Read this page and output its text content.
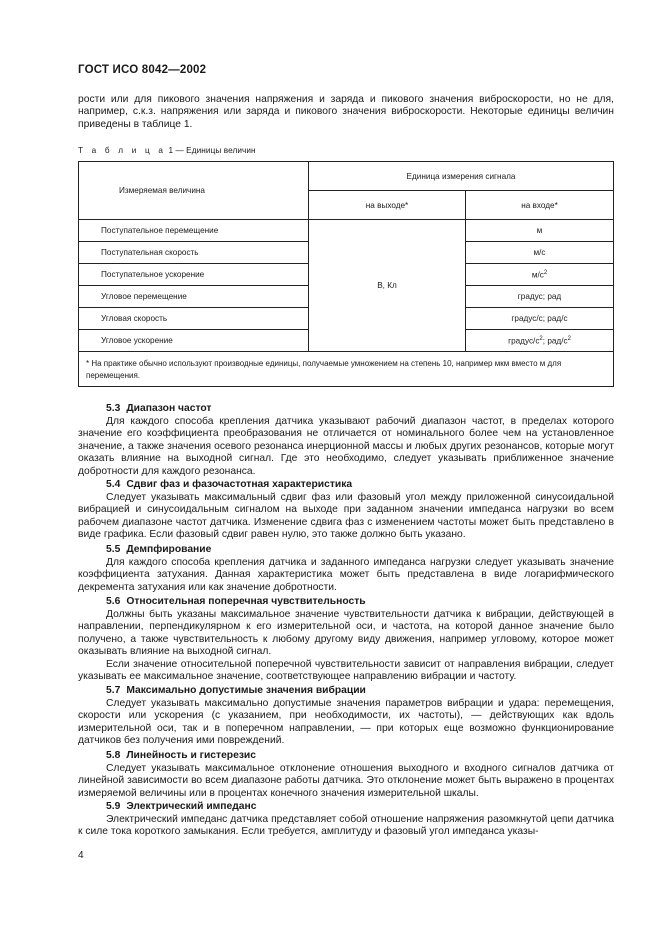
ГОСТ ИСО 8042—2002
рости или для пикового значения напряжения и заряда и пикового значения виброскорости, но не для, например, с.к.з. напряжения или заряда и пикового значения виброскорости. Некоторые единицы величин приведены в таблице 1.
Т а б л и ц а 1 — Единицы величин
Измеряемая величина	Единица измерения сигнала	
	на выходе*	на входе*
Поступательное перемещение	В, Кл	м
Поступательная скорость		м/с
Поступательное ускорение		$м/с^2$
Угловое перемещение		градус; рад
Угловая скорость		градус/с; рад/с
Угловое ускорение		градус/$с^2$; рад/$с^2$
* На практике обычно используют производные единицы, получаемые умножением на степень 10, например мкм вместо м для перемещения.		
5.3 Диапазон частот
Для каждого способа крепления датчика указывают рабочий диапазон частот, в пределах которого значение его коэффициента преобразования не отличается от номинального более чем на установленное значение, а также значения осевого резонанса инерционной массы и любых других резонансов, которые могут оказать влияние на выходной сигнал. Где это необходимо, следует указывать приближенное значение добротности для каждого резонанса.
5.4 Сдвиг фаз и фазочастотная характеристика
Следует указывать максимальный сдвиг фаз или фазовый угол между приложенной синусоидальной вибрацией и синусоидальным сигналом на выходе при заданном значении импеданса нагрузки во всем рабочем диапазоне частот датчика. Изменение сдвига фаз с изменением частоты может быть представлено в виде графика. Если фазовый сдвиг равен нулю, это также должно быть указано.
5.5 Демпфирование
Для каждого способа крепления датчика и заданного импеданса нагрузки следует указывать значение коэффициента затухания. Данная характеристика может быть представлена в виде логарифмического декремента затухания или как значение добротности.
5.6 Относительная поперечная чувствительность
Должны быть указаны максимальное значение чувствительности датчика к вибрации, действующей в направлении, перпендикулярном к его измерительной оси, и частота, на которой данное значение было получено, а также чувствительность к любому другому виду движения, например угловому, которое может оказывать влияние на выходной сигнал.
Если значение относительной поперечной чувствительности зависит от направления вибрации, следует указывать ее максимальное значение, соответствующее направлению вибрации и частоту.
5.7 Максимально допустимые значения вибрации
Следует указывать максимально допустимые значения параметров вибрации и удара: перемещения, скорости или ускорения (с указанием, при необходимости, их частоты), — действующих как вдоль измерительной оси, так и в поперечном направлении, — при которых еще возможно функционирование датчиков без получения ими повреждений.
5.8 Линейность и гистерезис
Следует указывать максимальное отклонение отношения выходного и входного сигналов датчика от линейной зависимости во всем диапазоне работы датчика. Это отклонение может быть выражено в процентах измеряемой величины или в процентах конечного значения измерительной шкалы.
5.9 Электрический импеданс
Электрический импеданс датчика представляет собой отношение напряжения разомкнутой цепи датчика к силе тока короткого замыкания. Если требуется, амплитуду и фазовый угол импеданса указы-
4
